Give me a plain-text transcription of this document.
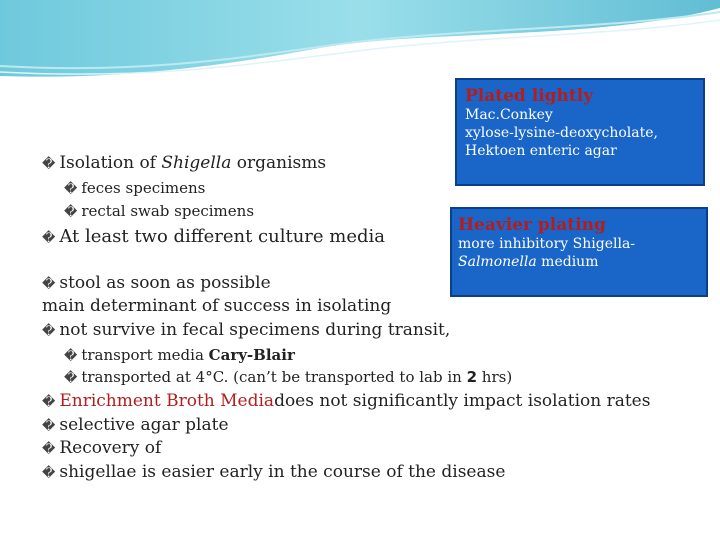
Plated lightly
Mac.Conkey
xylose-lysine-deoxycholate,
Hektoen enteric agar
Heavier plating
more inhibitory Shigella-
Salmonella medium
� Isolation of Shigella organisms
� feces specimens
� rectal swab specimens
� At least two different culture media
� stool as soon as possible
main determinant of success in isolating
� not survive in fecal specimens during transit,
� transport media Cary-Blair
� transported at 4°C. (can’t be transported to lab in 2 hrs)
� Enrichment Broth Mediadoes not significantly impact isolation rates
� selective agar plate
� Recovery of
� shigellae is easier early in the course of the disease
